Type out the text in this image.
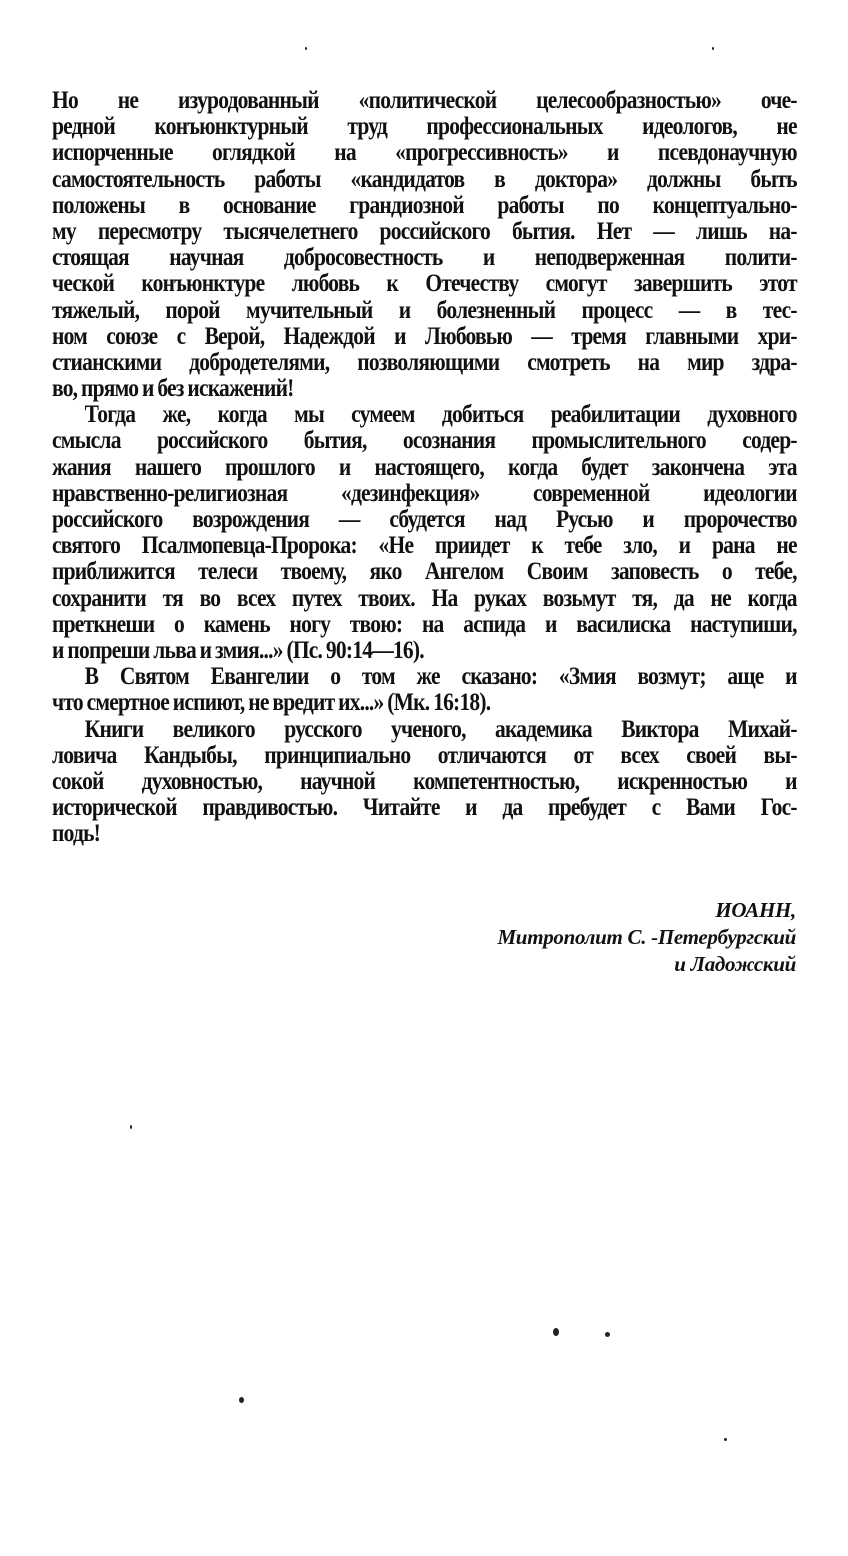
Но не изуродованный «политической целесообразностью» оче-
редной конъюнктурный труд профессиональных идеологов, не
испорченные оглядкой на «прогрессивность» и псевдонаучную
самостоятельность работы «кандидатов в доктора» должны быть
положены в основание грандиозной работы по концептуально-
му пересмотру тысячелетнего российского бытия. Нет — лишь на-
стоящая научная добросовестность и неподверженная полити-
ческой конъюнктуре любовь к Отечеству смогут завершить этот
тяжелый, порой мучительный и болезненный процесс — в тес-
ном союзе с Верой, Надеждой и Любовью — тремя главными хри-
стианскими добродетелями, позволяющими смотреть на мир здра-
во, прямо и без искажений!
Тогда же, когда мы сумеем добиться реабилитации духовного
смысла российского бытия, осознания промыслительного содер-
жания нашего прошлого и настоящего, когда будет закончена эта
нравственно-религиозная «дезинфекция» современной идеологии
российского возрождения — сбудется над Русью и пророчество
святого Псалмопевца-Пророка: «Не приидет к тебе зло, и рана не
приближится телеси твоему, яко Ангелом Своим заповесть о тебе,
сохранити тя во всех путех твоих. На руках возьмут тя, да не когда
преткнеши о камень ногу твою: на аспида и василиска наступиши,
и попреши льва и змия...» (Пс. 90:14—16).
В Святом Евангелии о том же сказано: «Змия возмут; аще и
что смертное испиют, не вредит их...» (Мк. 16:18).
Книги великого русского ученого, академика Виктора Михай-
ловича Кандыбы, принципиально отличаются от всех своей вы-
сокой духовностью, научной компетентностью, искренностью и
исторической правдивостью. Читайте и да пребудет с Вами Гос-
подь!
ИОАНН,
Митрополит С. -Петербургский
и Ладожский
